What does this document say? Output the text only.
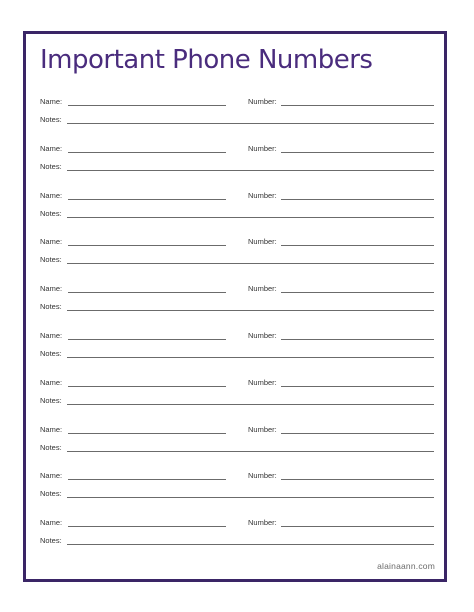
Important Phone Numbers
Name:	Number:
Notes:
Name:	Number:
Notes:
Name:	Number:
Notes:
Name:	Number:
Notes:
Name:	Number:
Notes:
Name:	Number:
Notes:
Name:	Number:
Notes:
Name:	Number:
Notes:
Name:	Number:
Notes:
Name:	Number:
Notes:
alainaann.com
